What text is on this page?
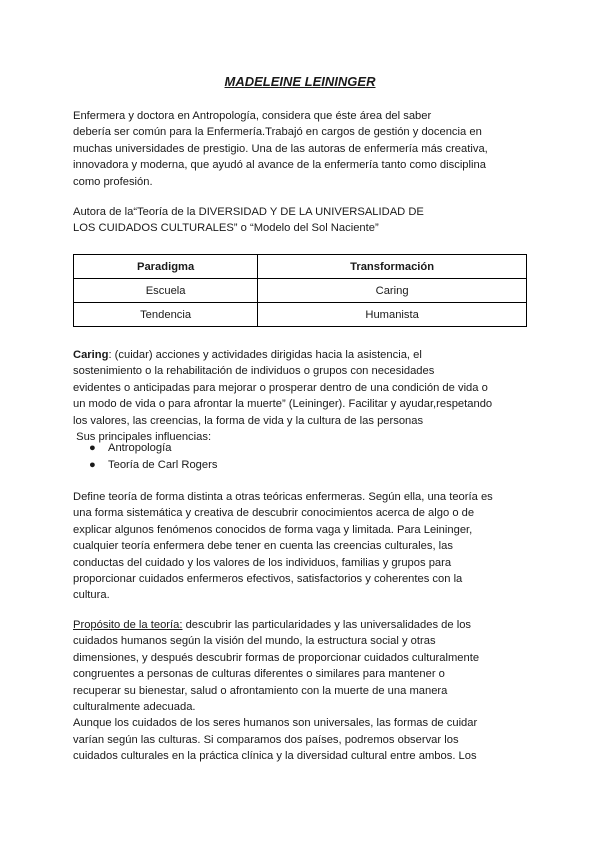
MADELEINE LEININGER
Enfermera y doctora en Antropología, considera que éste área del saber
debería ser común para la Enfermería.Trabajó en cargos de gestión y docencia en
muchas universidades de prestigio. Una de las autoras de enfermería más creativa,
innovadora y moderna, que ayudó al avance de la enfermería tanto como disciplina
como profesión.
Autora de la“Teoría de la DIVERSIDAD Y DE LA UNIVERSALIDAD DE
LOS CUIDADOS CULTURALES” o “Modelo del Sol Naciente”
Paradigma	Transformación
Escuela	Caring
Tendencia	Humanista
Caring: (cuidar) acciones y actividades dirigidas hacia la asistencia, el
sostenimiento o la rehabilitación de individuos o grupos con necesidades
evidentes o anticipadas para mejorar o prosperar dentro de una condición de vida o
un modo de vida o para afrontar la muerte” (Leininger). Facilitar y ayudar,respetando
los valores, las creencias, la forma de vida y la cultura de las personas
Sus principales influencias:
● Antropología
● Teoría de Carl Rogers
Define teoría de forma distinta a otras teóricas enfermeras. Según ella, una teoría es
una forma sistemática y creativa de descubrir conocimientos acerca de algo o de
explicar algunos fenómenos conocidos de forma vaga y limitada. Para Leininger,
cualquier teoría enfermera debe tener en cuenta las creencias culturales, las
conductas del cuidado y los valores de los individuos, familias y grupos para
proporcionar cuidados enfermeros efectivos, satisfactorios y coherentes con la
cultura.
Propósito de la teoría: descubrir las particularidades y las universalidades de los
cuidados humanos según la visión del mundo, la estructura social y otras
dimensiones, y después descubrir formas de proporcionar cuidados culturalmente
congruentes a personas de culturas diferentes o similares para mantener o
recuperar su bienestar, salud o afrontamiento con la muerte de una manera
culturalmente adecuada.
Aunque los cuidados de los seres humanos son universales, las formas de cuidar
varían según las culturas. Si comparamos dos países, podremos observar los
cuidados culturales en la práctica clínica y la diversidad cultural entre ambos. Los
